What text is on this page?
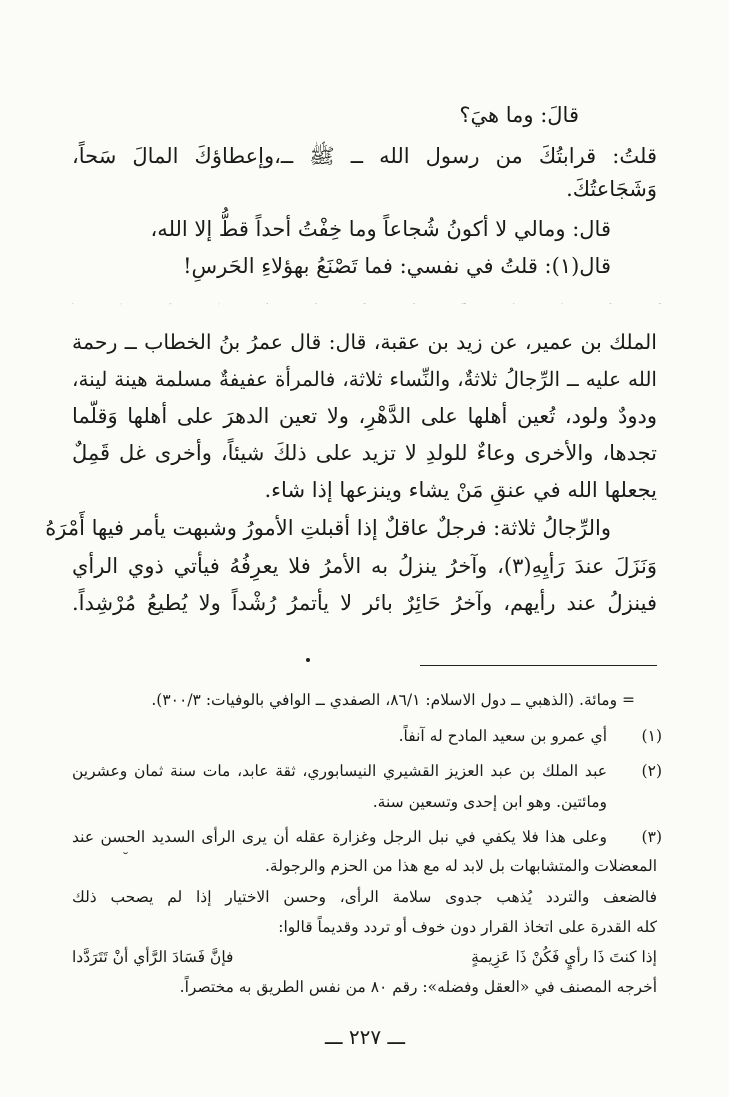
قالَ: وما هيَ؟
قلتُ: قرابتُكَ من رسول الله ــ ﷺ ــ،وإعطاؤكَ المالَ سَحاً،
وَشَجَاعتُكَ.
قال: ومالي لا أكونُ شُجاعاً وما خِفْتُ أحداً قطُّ إلا الله،
قال(١): قلتُ في نفسي: فما تَصْنَعُ بهؤلاءِ الحَرسِ!
(٢٦٧) حدثنا أبو نصر التَّمَّار(٢)، قال: حدثنا عبيدُ الله بنُ عمرو، عن عبد
الملك بن عمير، عن زيد بن عقبة، قال: قال عمرُ بنُ الخطاب ــ رحمة
الله عليه ــ الرِّجالُ ثلاثةٌ، والنِّساء ثلاثة، فالمرأة عفيفةٌ مسلمة هينة لينة،
ودودٌ ولود، تُعين أهلها على الدَّهْرِ، ولا تعين الدهرَ على أهلها وَقلّما
تجدها، والأخرى وعاءٌ للولدِ لا تزيد على ذلكَ شيئاً، وأخرى غل قَمِلٌ
يجعلها الله في عنقِ مَنْ يشاء وينزعها إذا شاء.
والرِّجالُ ثلاثة: فرجلٌ عاقلٌ إذا أقبلتِ الأمورُ وشبهت يأمر فيها أَمْرَهُ
وَنَزَلَ عندَ رَأيِهِ(٣)، وآخرُ ينزلُ به الأمرُ فلا يعرِفُهُ فيأتي ذوي الرأي
فينزلُ عند رأيهم، وآخرُ حَائِرٌ بائر لا يأتمرُ رُشْداً ولا يُطيعُ مُرْشِداً.
= ومائة. (الذهبي ــ دول الاسلام: ٨٦/١، الصفدي ــ الوافي بالوفيات: ٣٠٠/٣).
(١)
أي عمرو بن سعيد المادح له آنفاً.
(٢)
عبد الملك بن عبد العزيز القشيري النيسابوري، ثقة عابد، مات سنة ثمان وعشرين
ومائتين. وهو ابن إحدى وتسعين سنة.
(٣)
وعلى هذا فلا يكفي في نبل الرجل وغزارة عقله أن يرى الرأى السديد الحسن عند
المعضلات والمتشابهات بل لابد له مع هذا من الحزم والرجولة.
˘
فالضعف والتردد يُذهب جدوى سلامة الرأى، وحسن الاختيار إذا لم يصحب ذلك
كله القدرة على اتخاذ القرار دون خوف أو تردد وقديماً قالوا:
إذا كنتَ ذَا رأيٍ فَكُنْ ذَا عَزِيمةٍ
فإنَّ فَسَادَ الرَّأي أنْ تَتَرَدَّدا
أخرجه المصنف في «العقل وفضله»: رقم ٨٠ من نفس الطريق به مختصراً.
ـــ ٢٢٧ ـــ
